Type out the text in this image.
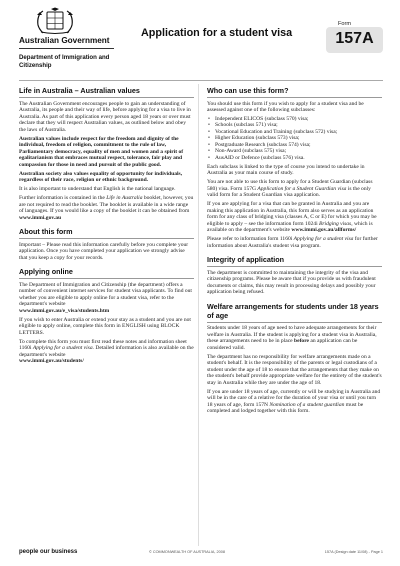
Australian Government
Department of Immigration and Citizenship
Application for a student visa
Form
157A
Life in Australia – Australian values

The Australian Government encourages people to gain an understanding of Australia, its people and their way of life, before applying for a visa to live in Australia. As part of this application every person aged 18 years or over must declare that they will respect Australian values, as outlined below and obey the laws of Australia.

Australian values include respect for the freedom and dignity of the individual, freedom of religion, commitment to the rule of law, Parliamentary democracy, equality of men and women and a spirit of egalitarianism that embraces mutual respect, tolerance, fair play and compassion for those in need and pursuit of the public good.

Australian society also values equality of opportunity for individuals, regardless of their race, religion or ethnic background.

It is also important to understand that English is the national language.

Further information is contained in the Life in Australia booklet, however, you are not required to read the booklet. The booklet is available in a wide range of languages. If you would like a copy of the booklet it can be obtained from
www.immi.gov.au

About this form

Important – Please read this information carefully before you complete your application. Once you have completed your application we strongly advise that you keep a copy for your records.

Applying online

The Department of Immigration and Citizenship (the department) offers a number of convenient internet services for student visa applicants. To find out whether you are eligible to apply online for a student visa, refer to the department's website
www.immi.gov.au/e_visa/students.htm

If you wish to enter Australia or extend your stay as a student and you are not eligible to apply online, complete this form in ENGLISH using BLOCK LETTERS.

To complete this form you must first read these notes and information sheet 1160i Applying for a student visa. Detailed information is also available on the department's website
www.immi.gov.au/students/

Who can use this form?

You should use this form if you wish to apply for a student visa and be assessed against one of the following subclasses:

• Independent ELICOS (subclass 570) visa;
• Schools (subclass 571) visa;
• Vocational Education and Training (subclass 572) visa;
• Higher Education (subclass 573) visa;
• Postgraduate Research (subclass 574) visa;
• Non-Award (subclass 575) visa;
• AusAID or Defence (subclass 576) visa.

Each subclass is linked to the type of course you intend to undertake in Australia as your main course of study.

You are not able to use this form to apply for a Student Guardian (subclass 580) visa. Form 157G Application for a Student Guardian visa is the only valid form for a Student Guardian visa application.

If you are applying for a visa that can be granted in Australia and you are making this application in Australia, this form also serves as an application form for any class of bridging visa (classes A, C or E) for which you may be eligible to apply – see the information form 1024i Bridging visas, which is available on the department's website www.immi.gov.au/allforms/

Please refer to information form 1160i Applying for a student visa for further information about Australia's student visa program.

Integrity of application

The department is committed to maintaining the integrity of the visa and citizenship programs. Please be aware that if you provide us with fraudulent documents or claims, this may result in processing delays and possibly your application being refused.

Welfare arrangements for students under 18 years of age

Students under 18 years of age need to have adequate arrangements for their welfare in Australia. If the student is applying for a student visa in Australia, these arrangements need to be in place before an application can be considered valid.

The department has no responsibility for welfare arrangements made on a student's behalf. It is the responsibility of the parents or legal custodians of a student under the age of 18 to ensure that the arrangements that they make on the student's behalf provide appropriate welfare for the entirety of the student's stay in Australia while they are under the age of 18.

If you are under 18 years of age, currently or will be studying in Australia and will be in the care of a relative for the duration of your visa or until you turn 18 years of age, form 157N Nomination of a student guardian must be completed and lodged together with this form.

people our business	© COMMONWEALTH OF AUSTRALIA, 2008	157A (Design date 11/08) - Page 1
